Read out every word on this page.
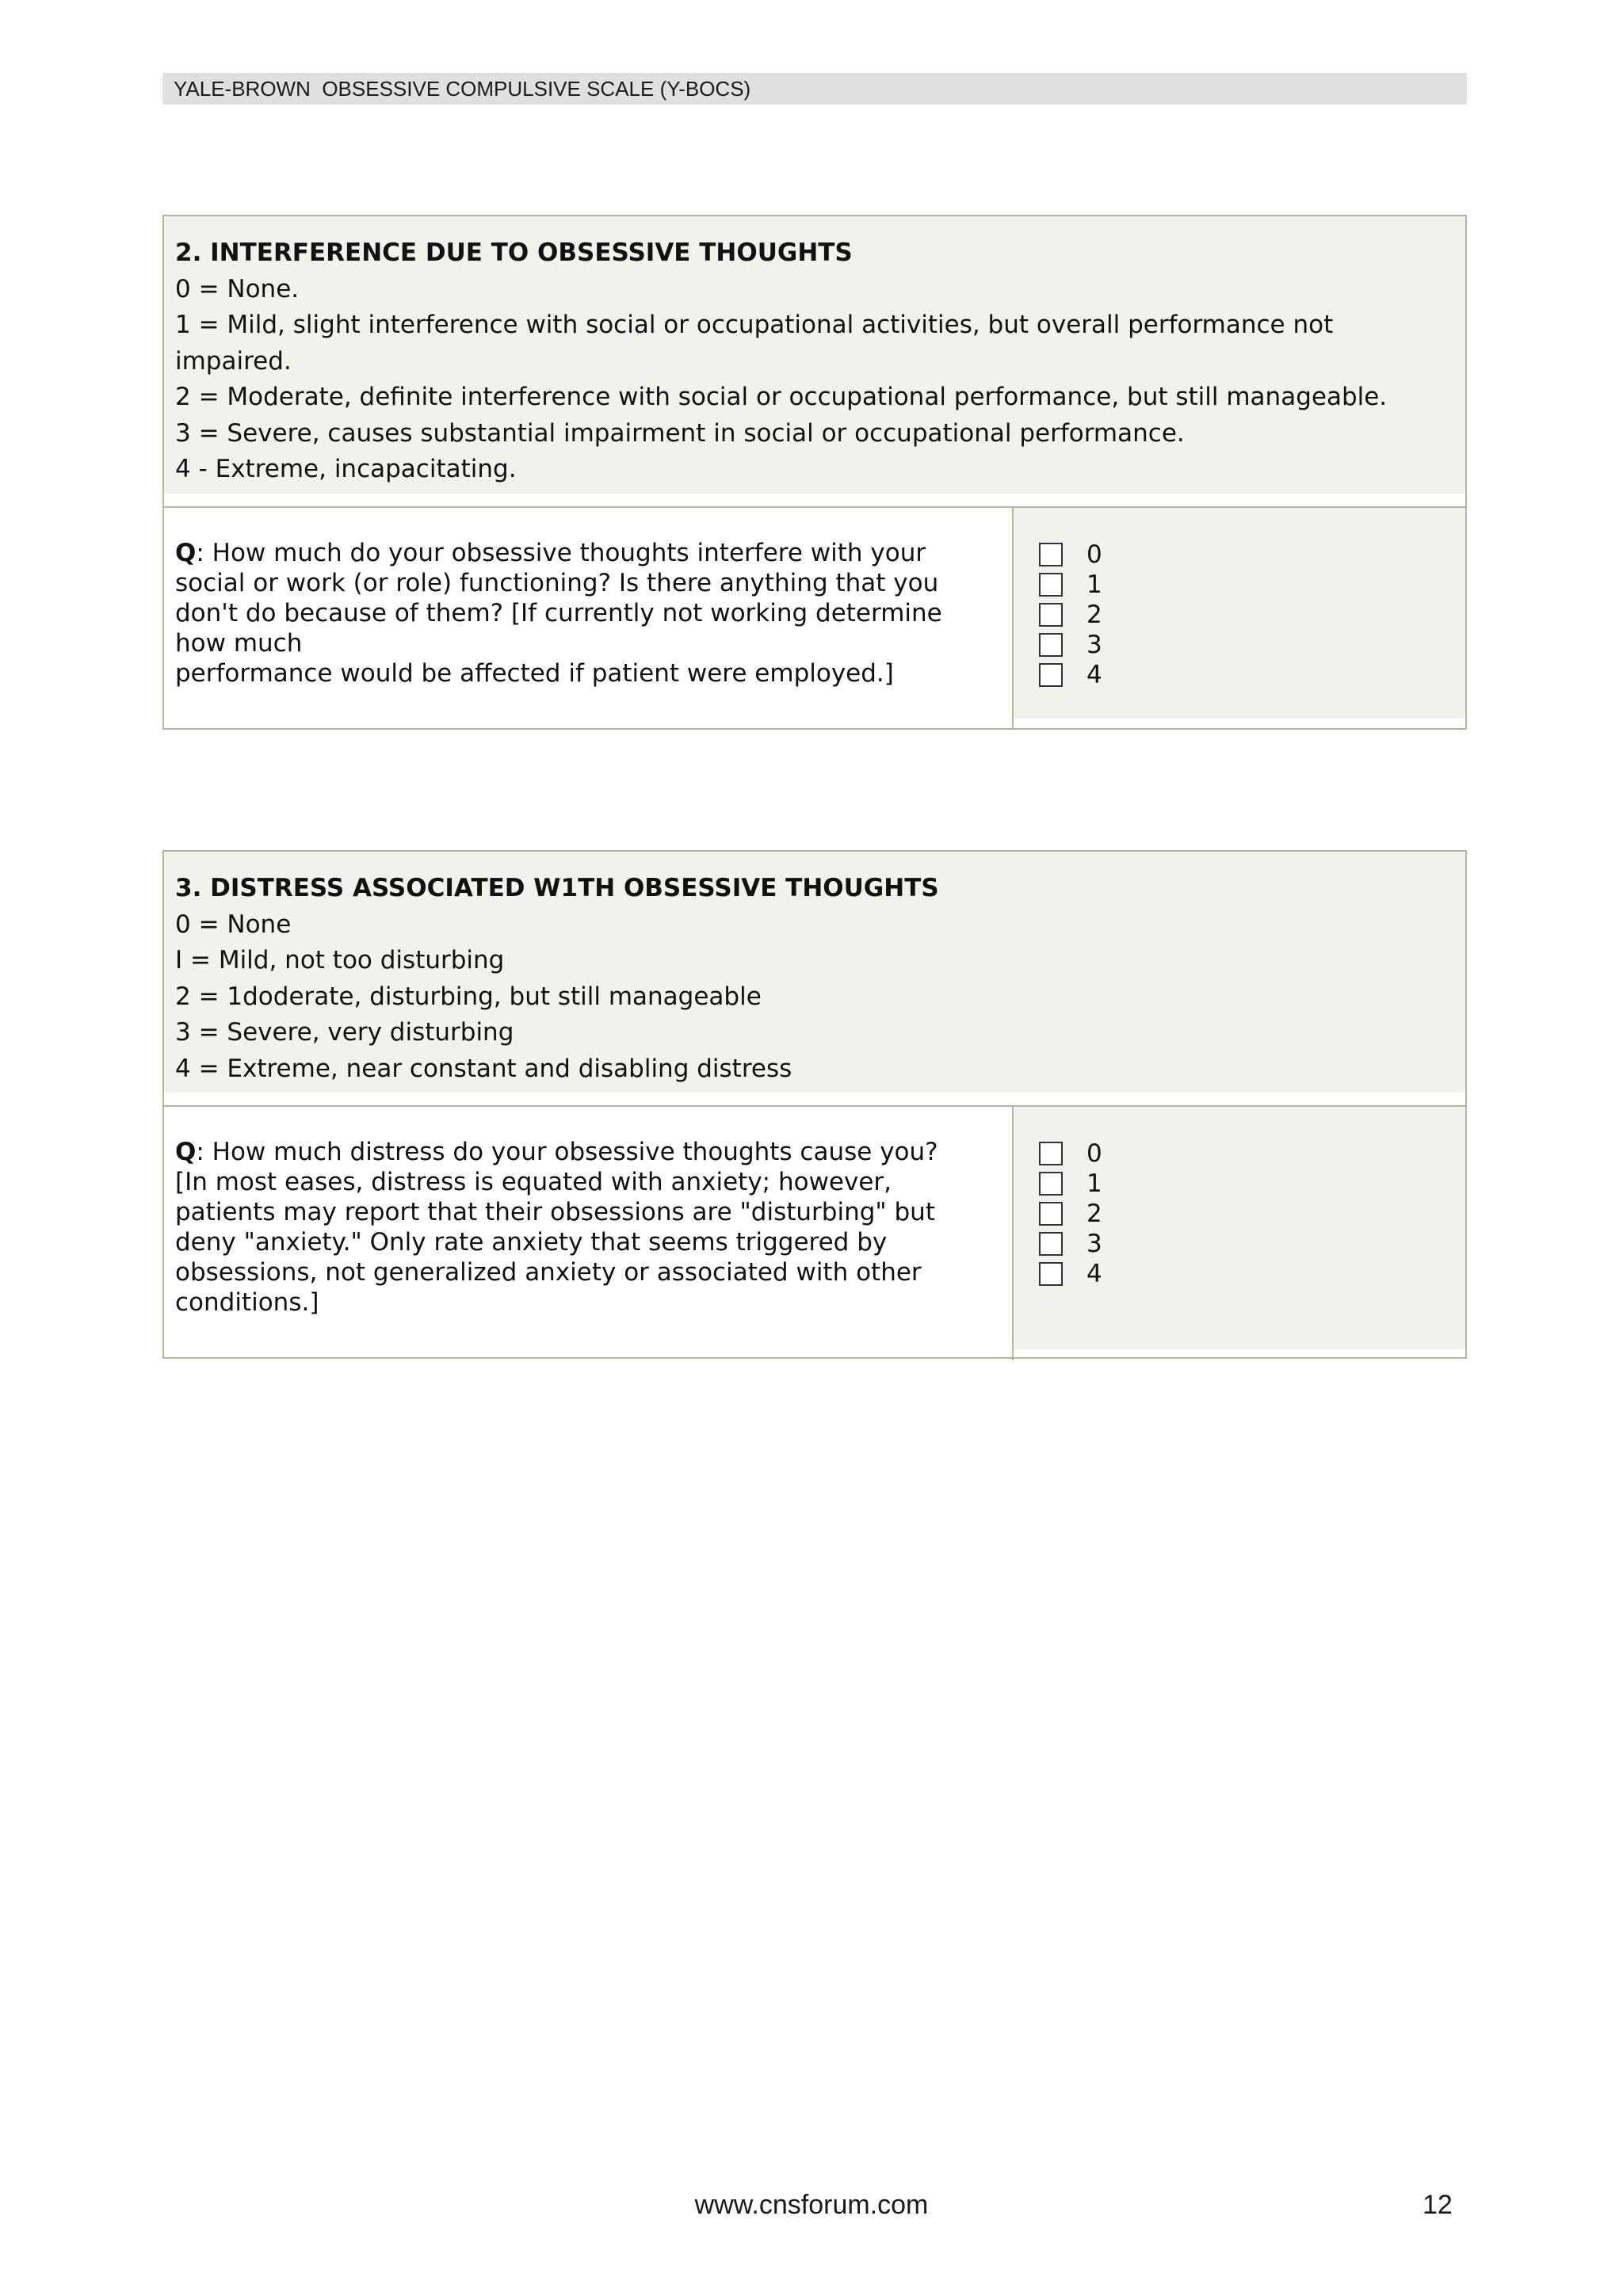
YALE-BROWN  OBSESSIVE COMPULSIVE SCALE (Y-BOCS)
2. INTERFERENCE DUE TO OBSESSIVE THOUGHTS
0 = None.
1 = Mild, slight interference with social or occupational activities, but overall performance not impaired.
2 = Moderate, definite interference with social or occupational performance, but still manageable.
3 = Severe, causes substantial impairment in social or occupational performance.
4 - Extreme, incapacitating.
Q: How much do your obsessive thoughts interfere with your
social or work (or role) functioning? Is there anything that you
don't do because of them? [If currently not working determine
how much
performance would be affected if patient were employed.]
0
1
2
3
4
3. DISTRESS ASSOCIATED W1TH OBSESSIVE THOUGHTS
0 = None
I = Mild, not too disturbing
2 = 1doderate, disturbing, but still manageable
3 = Severe, very disturbing
4 = Extreme, near constant and disabling distress
Q: How much distress do your obsessive thoughts cause you?
[In most eases, distress is equated with anxiety; however,
patients may report that their obsessions are "disturbing" but
deny "anxiety." Only rate anxiety that seems triggered by
obsessions, not generalized anxiety or associated with other
conditions.]
0
1
2
3
4
www.cnsforum.com	12
